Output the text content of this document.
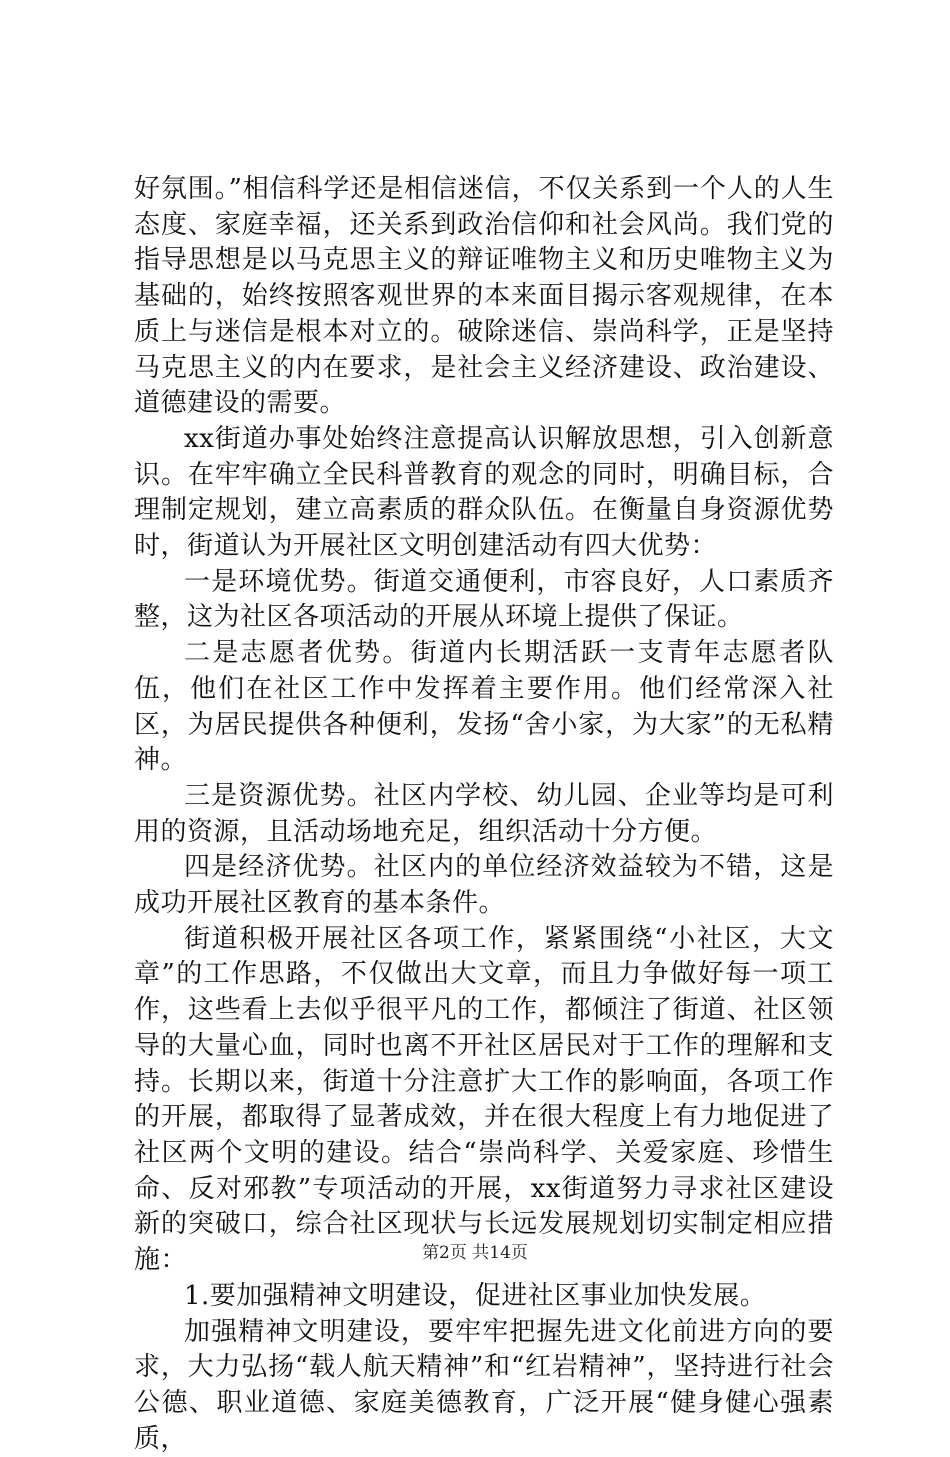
好氛围。”相信科学还是相信迷信，不仅关系到一个人的人生态度、家庭幸福，还关系到政治信仰和社会风尚。我们党的指导思想是以马克思主义的辩证唯物主义和历史唯物主义为基础的，始终按照客观世界的本来面目揭示客观规律，在本质上与迷信是根本对立的。破除迷信、崇尚科学，正是坚持马克思主义的内在要求，是社会主义经济建设、政治建设、道德建设的需要。

xx街道办事处始终注意提高认识解放思想，引入创新意识。在牢牢确立全民科普教育的观念的同时，明确目标，合理制定规划，建立高素质的群众队伍。在衡量自身资源优势时，街道认为开展社区文明创建活动有四大优势：

一是环境优势。街道交通便利，市容良好，人口素质齐整，这为社区各项活动的开展从环境上提供了保证。

二是志愿者优势。街道内长期活跃一支青年志愿者队伍，他们在社区工作中发挥着主要作用。他们经常深入社区，为居民提供各种便利，发扬“舍小家，为大家”的无私精神。

三是资源优势。社区内学校、幼儿园、企业等均是可利用的资源，且活动场地充足，组织活动十分方便。

四是经济优势。社区内的单位经济效益较为不错，这是成功开展社区教育的基本条件。

街道积极开展社区各项工作，紧紧围绕“小社区，大文章”的工作思路，不仅做出大文章，而且力争做好每一项工作，这些看上去似乎很平凡的工作，都倾注了街道、社区领导的大量心血，同时也离不开社区居民对于工作的理解和支持。长期以来，街道十分注意扩大工作的影响面，各项工作的开展，都取得了显著成效，并在很大程度上有力地促进了社区两个文明的建设。结合“崇尚科学、关爱家庭、珍惜生命、反对邪教”专项活动的开展，xx街道努力寻求社区建设新的突破口，综合社区现状与长远发展规划切实制定相应措施：

1.要加强精神文明建设，促进社区事业加快发展。

加强精神文明建设，要牢牢把握先进文化前进方向的要求，大力弘扬“载人航天精神”和“红岩精神”，坚持进行社会公德、职业道德、家庭美德教育，广泛开展“健身健心强素质，

第2页 共14页
